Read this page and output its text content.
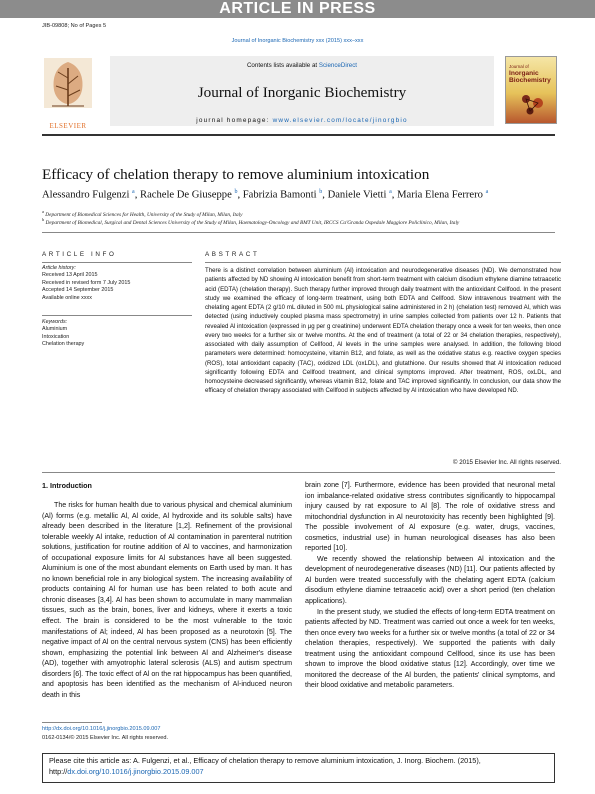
ARTICLE IN PRESS
JIB-09808; No of Pages 5
Journal of Inorganic Biochemistry xxx (2015) xxx–xxx
ELSEVIER
Contents lists available at ScienceDirect
Journal of Inorganic Biochemistry
journal homepage: www.elsevier.com/locate/jinorgbio
Journal of
Inorganic
Biochemistry
Efficacy of chelation therapy to remove aluminium intoxication
Alessandro Fulgenzi $^a$, Rachele De Giuseppe $^b$, Fabrizia Bamonti $^b$, Daniele Vietti $^a$, Maria Elena Ferrero $^a$
$^a$ Department of Biomedical Sciences for Health, University of the Study of Milan, Milan, Italy
$^b$ Department of Biomedical, Surgical and Dental Sciences University of the Study of Milan, Haematology-Oncology and BMT Unit, IRCCS Ca'Granda Ospedale Maggiore Policlinico, Milan, Italy
ARTICLE INFO
Article history:
Received 13 April 2015
Received in revised form 7 July 2015
Accepted 14 September 2015
Available online xxxx
Keywords:
Aluminium
Intoxication
Chelation therapy
ABSTRACT
There is a distinct correlation between aluminium (Al) intoxication and neurodegenerative diseases (ND). We demonstrated how patients affected by ND showing Al intoxication benefit from short-term treatment with calcium disodium ethylene diamine tetraacetic acid (EDTA) (chelation therapy). Such therapy further improved through daily treatment with the antioxidant Cellfood. In the present study we examined the efficacy of long-term treatment, using both EDTA and Cellfood. Slow intravenous treatment with the chelating agent EDTA (2 g/10 mL diluted in 500 mL physiological saline administered in 2 h) (chelation test) removed Al, which was detected (using inductively coupled plasma mass spectrometry) in urine samples collected from patients over 12 h. Patients that revealed Al intoxication (expressed in μg per g creatinine) underwent EDTA chelation therapy once a week for ten weeks, then once every two weeks for a further six or twelve months. At the end of treatment (a total of 22 or 34 chelation therapies, respectively), associated with daily assumption of Cellfood, Al levels in the urine samples were analysed. In addition, the following blood parameters were determined: homocysteine, vitamin B12, and folate, as well as the oxidative status e.g. reactive oxygen species (ROS), total antioxidant capacity (TAC), oxidized LDL (oxLDL), and glutathione. Our results showed that Al intoxication reduced significantly following EDTA and Cellfood treatment, and clinical symptoms improved. After treatment, ROS, oxLDL, and homocysteine decreased significantly, whereas vitamin B12, folate and TAC improved significantly. In conclusion, our data show the efficacy of chelation therapy associated with Cellfood in subjects affected by Al intoxication who have developed ND.
© 2015 Elsevier Inc. All rights reserved.
1. Introduction

The risks for human health due to various physical and chemical aluminium (Al) forms (e.g. metallic Al, Al oxide, Al hydroxide and its soluble salts) have already been described in the literature [1,2]. Refinement of the provisional tolerable weekly Al intake, reduction of Al contamination in parenteral nutrition solutions, justification for routine addition of Al to vaccines, and harmonization of occupational exposure limits for Al substances have all been suggested. Aluminium is one of the most abundant elements on Earth used by man. It has no known beneficial role in any biological system. The increasing availability of products containing Al for human use has been related to both acute and chronic diseases [3,4]. Al has been shown to accumulate in many mammalian tissues, such as the brain, bones, liver and kidneys, where it exerts a toxic effect. The brain is considered to be the most vulnerable to the toxic manifestations of Al; indeed, Al has been proposed as a neurotoxin [5]. The negative impact of Al on the central nervous system (CNS) has been efficiently shown, emphasizing the potential link between Al and Alzheimer's disease (AD), together with amyotrophic lateral sclerosis (ALS) and autism spectrum disorders [6]. The toxic effect of Al on the rat hippocampus has been quantified, and apoptosis has been identified as the mechanism of Al-induced neuron death in this

brain zone [7]. Furthermore, evidence has been provided that neuronal metal ion imbalance-related oxidative stress contributes significantly to hippocampal injury caused by rat exposure to Al [8]. The role of oxidative stress and mitochondrial dysfunction in Al neurotoxicity has recently been highlighted [9]. The possible involvement of Al exposure (e.g. water, drugs, vaccines, cosmetics, industrial use) in human neurological diseases has also been reported [10].

We recently showed the relationship between Al intoxication and the development of neurodegenerative diseases (ND) [11]. Our patients affected by Al burden were treated successfully with the chelating agent EDTA (calcium disodium ethylene diamine tetraacetic acid) over a short period (ten chelation applications).

In the present study, we studied the effects of long-term EDTA treatment on patients affected by ND. Treatment was carried out once a week for ten weeks, then once every two weeks for a further six or twelve months (a total of 22 or 34 chelation therapies, respectively). We supported the patients with daily treatment using the antioxidant compound Cellfood, since its use has been shown to improve the blood oxidative status [12]. Accordingly, over time we monitored the decrease of the Al burden, the patients' clinical symptoms, and their blood oxidative and metabolic parameters.

http://dx.doi.org/10.1016/j.jinorgbio.2015.09.007
0162-0134/© 2015 Elsevier Inc. All rights reserved.
Please cite this article as: A. Fulgenzi, et al., Efficacy of chelation therapy to remove aluminium intoxication, J. Inorg. Biochem. (2015), http://dx.doi.org/10.1016/j.jinorgbio.2015.09.007
